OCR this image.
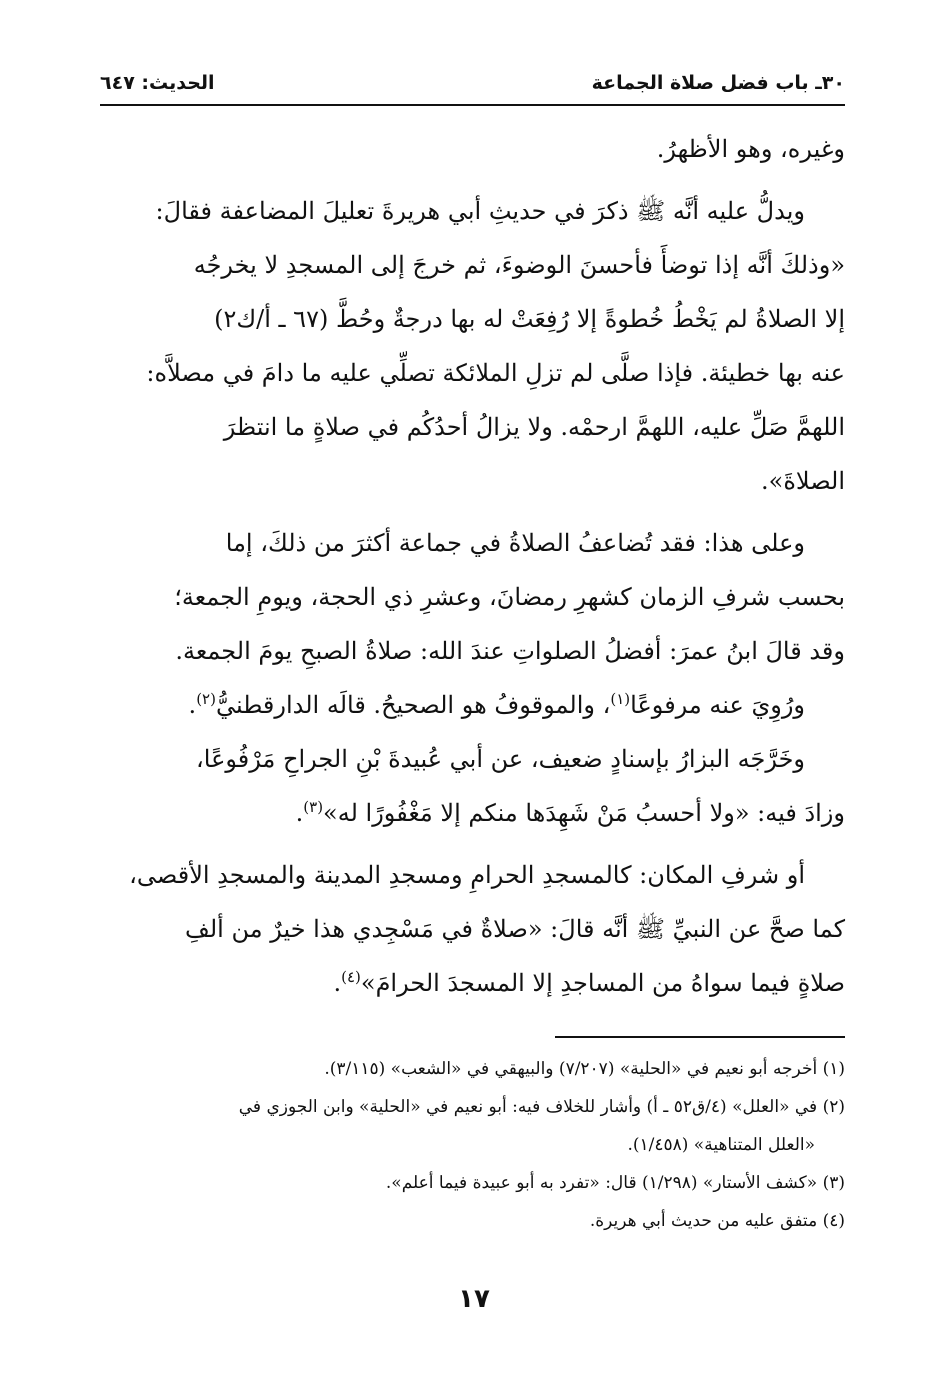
٣٠ـ باب فضل صلاة الجماعة
الحديث: ٦٤٧

وغيره، وهو الأظهرُ.

ويدلُّ عليه أنَّه ﷺ ذكرَ في حديثِ أبي هريرةَ تعليلَ المضاعفة فقالَ:

«وذلكَ أنَّه إذا توضأَ فأحسنَ الوضوءَ، ثم خرجَ إلى المسجدِ لا يخرجُه

إلا الصلاةُ لم يَخْطُ خُطوةً إلا رُفِعَتْ له بها درجةٌ وحُطَّ (٦٧ ـ أ/ك٢)

عنه بها خطيئة. فإذا صلَّى لم تزلِ الملائكة تصلِّي عليه ما دامَ في مصلاَّه:

اللهمَّ صَلِّ عليه، اللهمَّ ارحمْه. ولا يزالُ أحدُكُم في صلاةٍ ما انتظرَ

الصلاةَ».

وعلى هذا: فقد تُضاعفُ الصلاةُ في جماعة أكثرَ من ذلكَ، إما

بحسب شرفِ الزمان كشهرِ رمضانَ، وعشرِ ذي الحجة، ويومِ الجمعة؛

وقد قالَ ابنُ عمرَ: أفضلُ الصلواتِ عندَ الله: صلاةُ الصبحِ يومَ الجمعة.

ورُوِيَ عنه مرفوعًا$^{(١)}$، والموقوفُ هو الصحيحُ. قالَه الدارقطنيُّ$^{(٢)}$.

وخَرَّجَه البزارُ بإسنادٍ ضعيف، عن أبي عُبيدةَ بْنِ الجراحِ مَرْفُوعًا،

وزادَ فيه: «ولا أحسبُ مَنْ شَهِدَها منكم إلا مَغْفُورًا له»$^{(٣)}$.

أو شرفِ المكان: كالمسجدِ الحرامِ ومسجدِ المدينة والمسجدِ الأقصى،

كما صحَّ عن النبيِّ ﷺ أنَّه قالَ: «صلاةٌ في مَسْجِدي هذا خيرٌ من ألفِ

صلاةٍ فيما سواهُ من المساجدِ إلا المسجدَ الحرامَ»$^{(٤)}$.

(١) أخرجه أبو نعيم في «الحلية» (٧/٢٠٧) والبيهقي في «الشعب» (٣/١١٥).

(٢) في «العلل» (٤/ق٥٢ ـ أ) وأشار للخلاف فيه: أبو نعيم في «الحلية» وابن الجوزي في

«العلل المتناهية» (١/٤٥٨).

(٣) «كشف الأستار» (١/٢٩٨) قال: «تفرد به أبو عبيدة فيما أعلم».

(٤) متفق عليه من حديث أبي هريرة.

١٧
